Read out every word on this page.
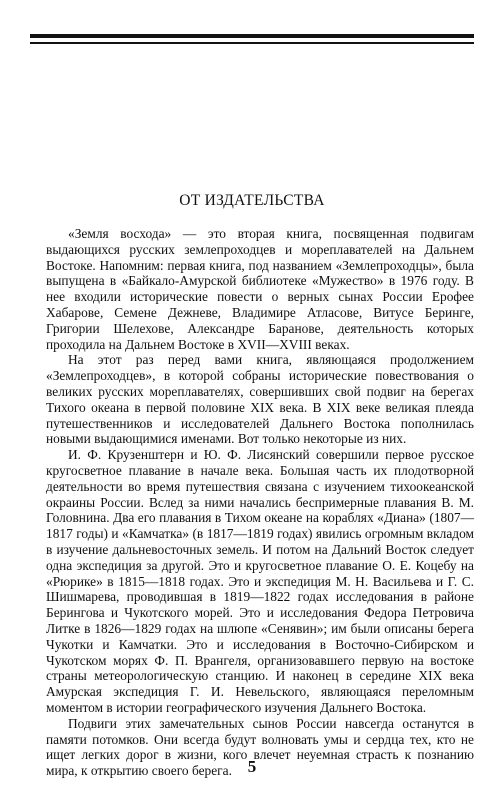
ОТ ИЗДАТЕЛЬСТВА

«Земля восхода» — это вторая книга, посвященная подвигам выдающихся русских землепроходцев и мореплавателей на Дальнем Востоке. Напомним: первая книга, под названием «Землепроходцы», была выпущена в «Байкало-Амурской библиотеке «Мужество» в 1976 году. В нее входили исторические повести о верных сынах России Ерофее Хабарове, Семене Дежневе, Владимире Атласове, Витусе Беринге, Григории Шелехове, Александре Баранове, деятельность которых проходила на Дальнем Востоке в XVII—XVIII веках.

На этот раз перед вами книга, являющаяся продолжением «Землепроходцев», в которой собраны исторические повествования о великих русских мореплавателях, совершивших свой подвиг на берегах Тихого океана в первой половине XIX века. В XIX веке великая плеяда путешественников и исследователей Дальнего Востока пополнилась новыми выдающимися именами. Вот только некоторые из них.

И. Ф. Крузенштерн и Ю. Ф. Лисянский совершили первое русское кругосветное плавание в начале века. Большая часть их плодотворной деятельности во время путешествия связана с изучением тихоокеанской окраины России. Вслед за ними начались беспримерные плавания В. М. Головнина. Два его плавания в Тихом океане на кораблях «Диана» (1807—1817 годы) и «Камчатка» (в 1817—1819 годах) явились огромным вкладом в изучение дальневосточных земель. И потом на Дальний Восток следует одна экспедиция за другой. Это и кругосветное плавание О. Е. Коцебу на «Рюрике» в 1815—1818 годах. Это и экспедиция М. Н. Васильева и Г. С. Шишмарева, проводившая в 1819—1822 годах исследования в районе Берингова и Чукотского морей. Это и исследования Федора Петровича Литке в 1826—1829 годах на шлюпе «Сенявин»; им были описаны берега Чукотки и Камчатки. Это и исследования в Восточно-Сибирском и Чукотском морях Ф. П. Врангеля, организовавшего первую на востоке страны метеорологическую станцию. И наконец в середине XIX века Амурская экспедиция Г. И. Невельского, являющаяся переломным моментом в истории географического изучения Дальнего Востока.

Подвиги этих замечательных сынов России навсегда останутся в памяти потомков. Они всегда будут волновать умы и сердца тех, кто не ищет легких дорог в жизни, кого влечет неуемная страсть к познанию мира, к открытию своего берега. 5
